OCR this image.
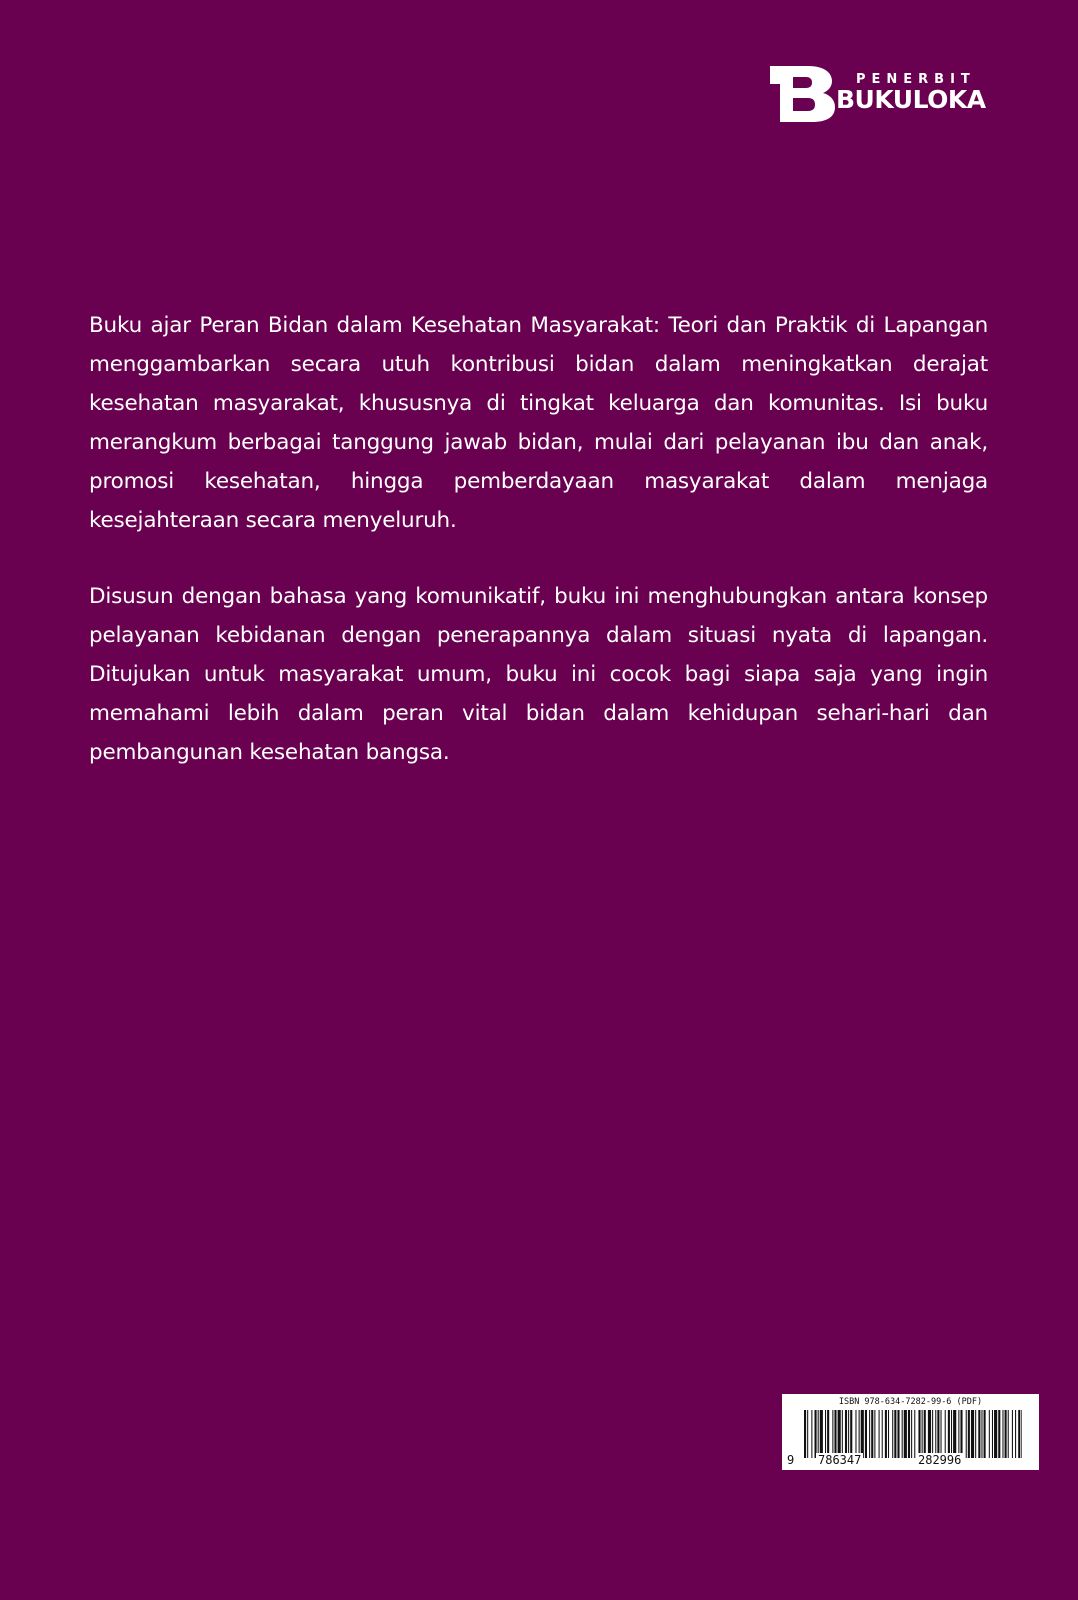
PENERBIT
BUKULOKA

Buku ajar Peran Bidan dalam Kesehatan Masyarakat: Teori dan Praktik di Lapangan menggambarkan secara utuh kontribusi bidan dalam meningkatkan derajat kesehatan masyarakat, khususnya di tingkat keluarga dan komunitas. Isi buku merangkum berbagai tanggung jawab bidan, mulai dari pelayanan ibu dan anak, promosi kesehatan, hingga pemberdayaan masyarakat dalam menjaga kesejahteraan secara menyeluruh.

Disusun dengan bahasa yang komunikatif, buku ini menghubungkan antara konsep pelayanan kebidanan dengan penerapannya dalam situasi nyata di lapangan. Ditujukan untuk masyarakat umum, buku ini cocok bagi siapa saja yang ingin memahami lebih dalam peran vital bidan dalam kehidupan sehari-hari dan pembangunan kesehatan bangsa.

ISBN 978-634-7282-99-6 (PDF)
9 786347	282996
